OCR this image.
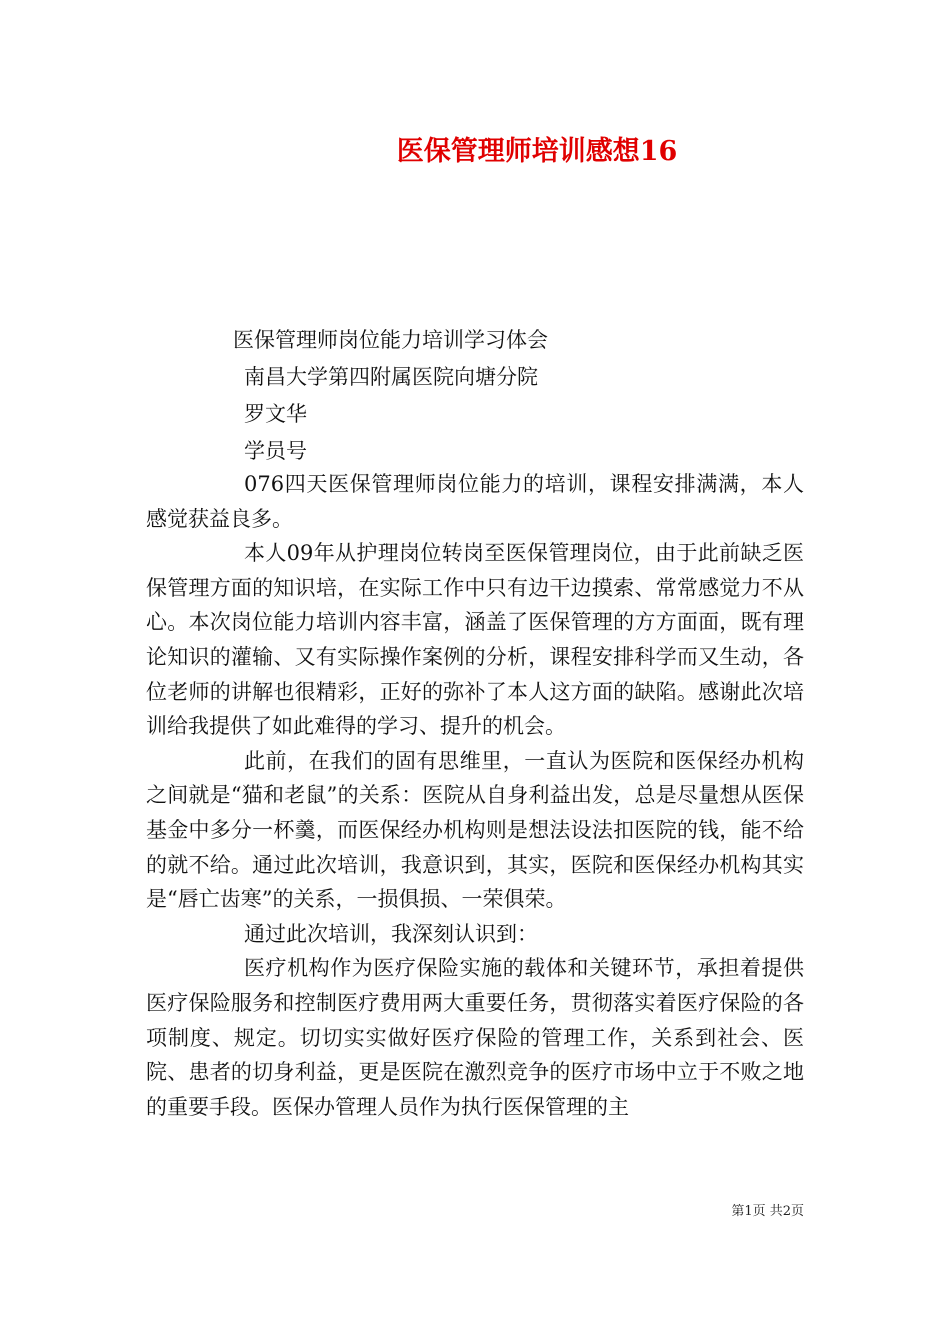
医保管理师培训感想16
医保管理师岗位能力培训学习体会
南昌大学第四附属医院向塘分院
罗文华
学员号

076四天医保管理师岗位能力的培训，课程安排满满，本人感觉获益良多。

本人09年从护理岗位转岗至医保管理岗位，由于此前缺乏医保管理方面的知识培，在实际工作中只有边干边摸索、常常感觉力不从心。本次岗位能力培训内容丰富，涵盖了医保管理的方方面面，既有理论知识的灌输、又有实际操作案例的分析，课程安排科学而又生动，各位老师的讲解也很精彩，正好的弥补了本人这方面的缺陷。感谢此次培训给我提供了如此难得的学习、提升的机会。

此前，在我们的固有思维里，一直认为医院和医保经办机构之间就是“猫和老鼠”的关系：医院从自身利益出发，总是尽量想从医保基金中多分一杯羹，而医保经办机构则是想法设法扣医院的钱，能不给的就不给。通过此次培训，我意识到，其实，医院和医保经办机构其实是“唇亡齿寒”的关系，一损俱损、一荣俱荣。

通过此次培训，我深刻认识到：

医疗机构作为医疗保险实施的载体和关键环节，承担着提供医疗保险服务和控制医疗费用两大重要任务，贯彻落实着医疗保险的各项制度、规定。切切实实做好医疗保险的管理工作，关系到社会、医院、患者的切身利益，更是医院在激烈竞争的医疗市场中立于不败之地的重要手段。医保办管理人员作为执行医保管理的主

第1页 共2页
